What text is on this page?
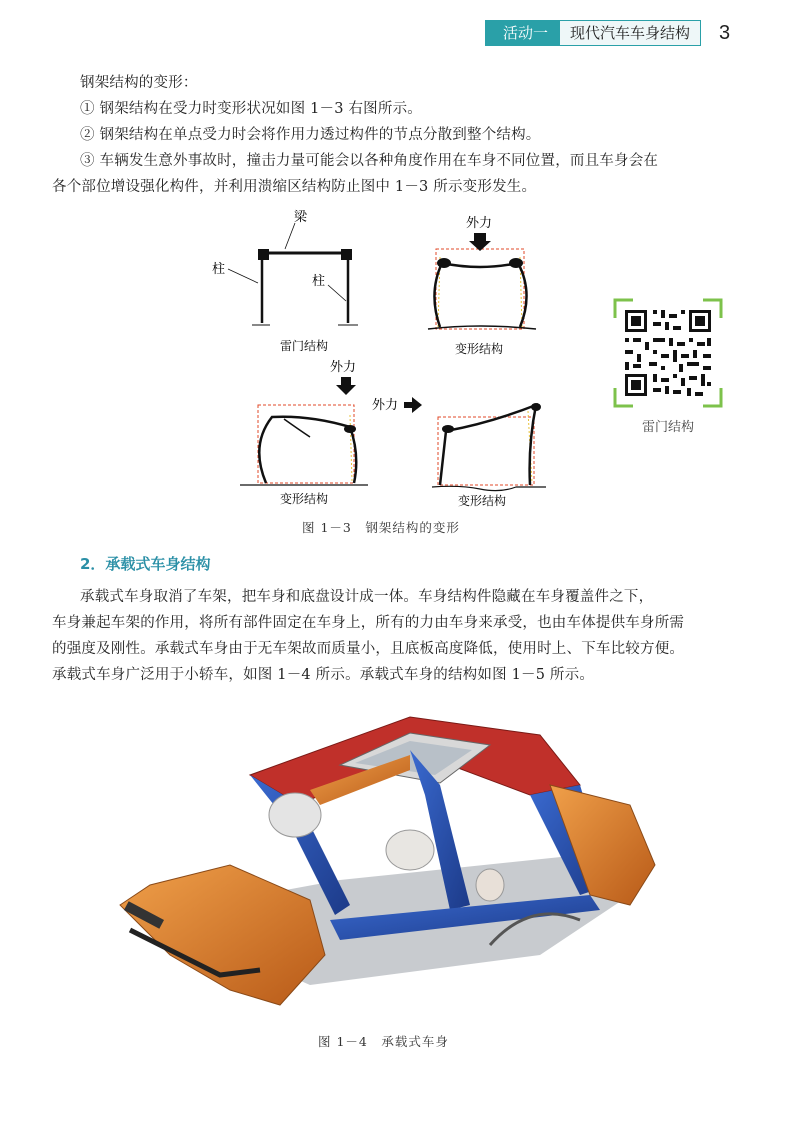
活动一	现代汽车车身结构	3
钢架结构的变形：
① 钢架结构在受力时变形状况如图 1－3 右图所示。
② 钢架结构在单点受力时会将作用力透过构件的节点分散到整个结构。
③ 车辆发生意外事故时，撞击力量可能会以各种角度作用在车身不同位置，而且车身会在
各个部位增设强化构件，并利用溃缩区结构防止图中 1－3 所示变形发生。
梁
柱
柱
雷门结构
外力
变形结构
外力
变形结构
外力
变形结构
图 1－3　钢架结构的变形
雷门结构
2．承载式车身结构
承载式车身取消了车架，把车身和底盘设计成一体。车身结构件隐藏在车身覆盖件之下，
车身兼起车架的作用，将所有部件固定在车身上，所有的力由车身来承受，也由车体提供车身所需
的强度及刚性。承载式车身由于无车架故而质量小，且底板高度降低，使用时上、下车比较方便。
承载式车身广泛用于小轿车，如图 1－4 所示。承载式车身的结构如图 1－5 所示。
图 1－4　承载式车身
